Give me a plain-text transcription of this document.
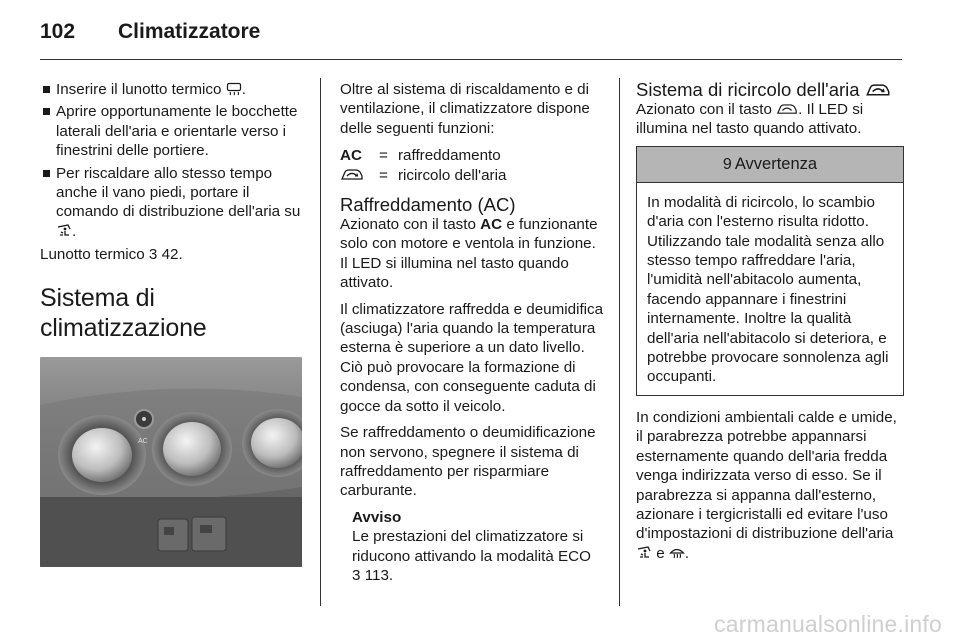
102 Climatizzatore
Inserire il lunotto termico .
Aprire opportunamente le bocchette laterali dell'aria e orientarle verso i finestrini delle portiere.
Per riscaldare allo stesso tempo anche il vano piedi, portare il comando di distribuzione dell'aria su .

Lunotto termico 3 42.

Sistema di climatizzazione
AC

Oltre al sistema di riscaldamento e di ventilazione, il climatizzatore dispone delle seguenti funzioni:

AC	=	raffreddamento
	=	ricircolo dell'aria
Raffreddamento (AC)

Azionato con il tasto AC e funzionante solo con motore e ventola in funzione. Il LED si illumina nel tasto quando attivato.

Il climatizzatore raffredda e deumidifica (asciuga) l'aria quando la temperatura esterna è superiore a un dato livello. Ciò può provocare la formazione di condensa, con conseguente caduta di gocce da sotto il veicolo.

Se raffreddamento o deumidificazione non servono, spegnere il sistema di raffreddamento per risparmiare carburante.

Avviso
Le prestazioni del climatizzatore si riducono attivando la modalità ECO
3 113.
Sistema di ricircolo dell'aria

Azionato con il tasto . Il LED si illumina nel tasto quando attivato.

9 Avvertenza
In modalità di ricircolo, lo scambio d'aria con l'esterno risulta ridotto. Utilizzando tale modalità senza allo stesso tempo raffreddare l'aria, l'umidità nell'abitacolo aumenta, facendo appannare i finestrini internamente. Inoltre la qualità dell'aria nell'abitacolo si deteriora, e potrebbe provocare sonnolenza agli occupanti.

In condizioni ambientali calde e umide, il parabrezza potrebbe appannarsi esternamente quando dell'aria fredda venga indirizzata verso di esso. Se il parabrezza si appanna dall'esterno, azionare i tergicristalli ed evitare l'uso d'impostazioni di distribuzione dell'aria  e .

carmanualsonline.info
